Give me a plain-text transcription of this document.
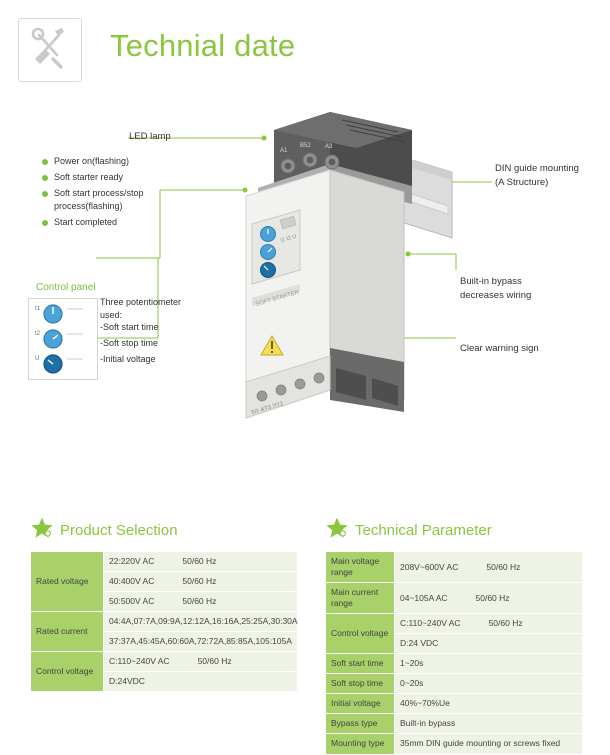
Technial date
A1
B52 A3
t1 t2 U
SOFT STARTER
5/1 4/T3 7/T2
LED lamp
Power on(flashing)
Soft starter ready
Soft start process/stop process(flashing)
Start completed
Control panel
t1
t2
U
Three potentiometer used:
-Soft start time
-Soft stop time
-Initial voltage
DIN guide mounting
(A Structure)
Built-in bypass
decreases wiring
Clear warning sign
Product Selection
Rated voltage	22:220V AC 50/60 Hz
	40:400V AC 50/60 Hz
	50:500V AC 50/60 Hz
Rated current	04:4A,07:7A,09:9A,12:12A,16:16A,25:25A,30:30A
	37:37A,45:45A,60:60A,72:72A,85:85A,105:105A
Control voltage	C:110~240V AC 50/60 Hz
	D:24VDC
Technical Parameter
Main voltage range	208V~600V AC 50/60 Hz
Main current range	04~105A AC 50/60 Hz
Control voltage	C:110~240V AC 50/60 Hz
	D:24 VDC
Soft start time	1~20s
Soft stop time	0~20s
Initial voltage	40%~70%Ue
Bypass type	Built-in bypass
Mounting type	35mm DIN guide mounting or screws fixed
